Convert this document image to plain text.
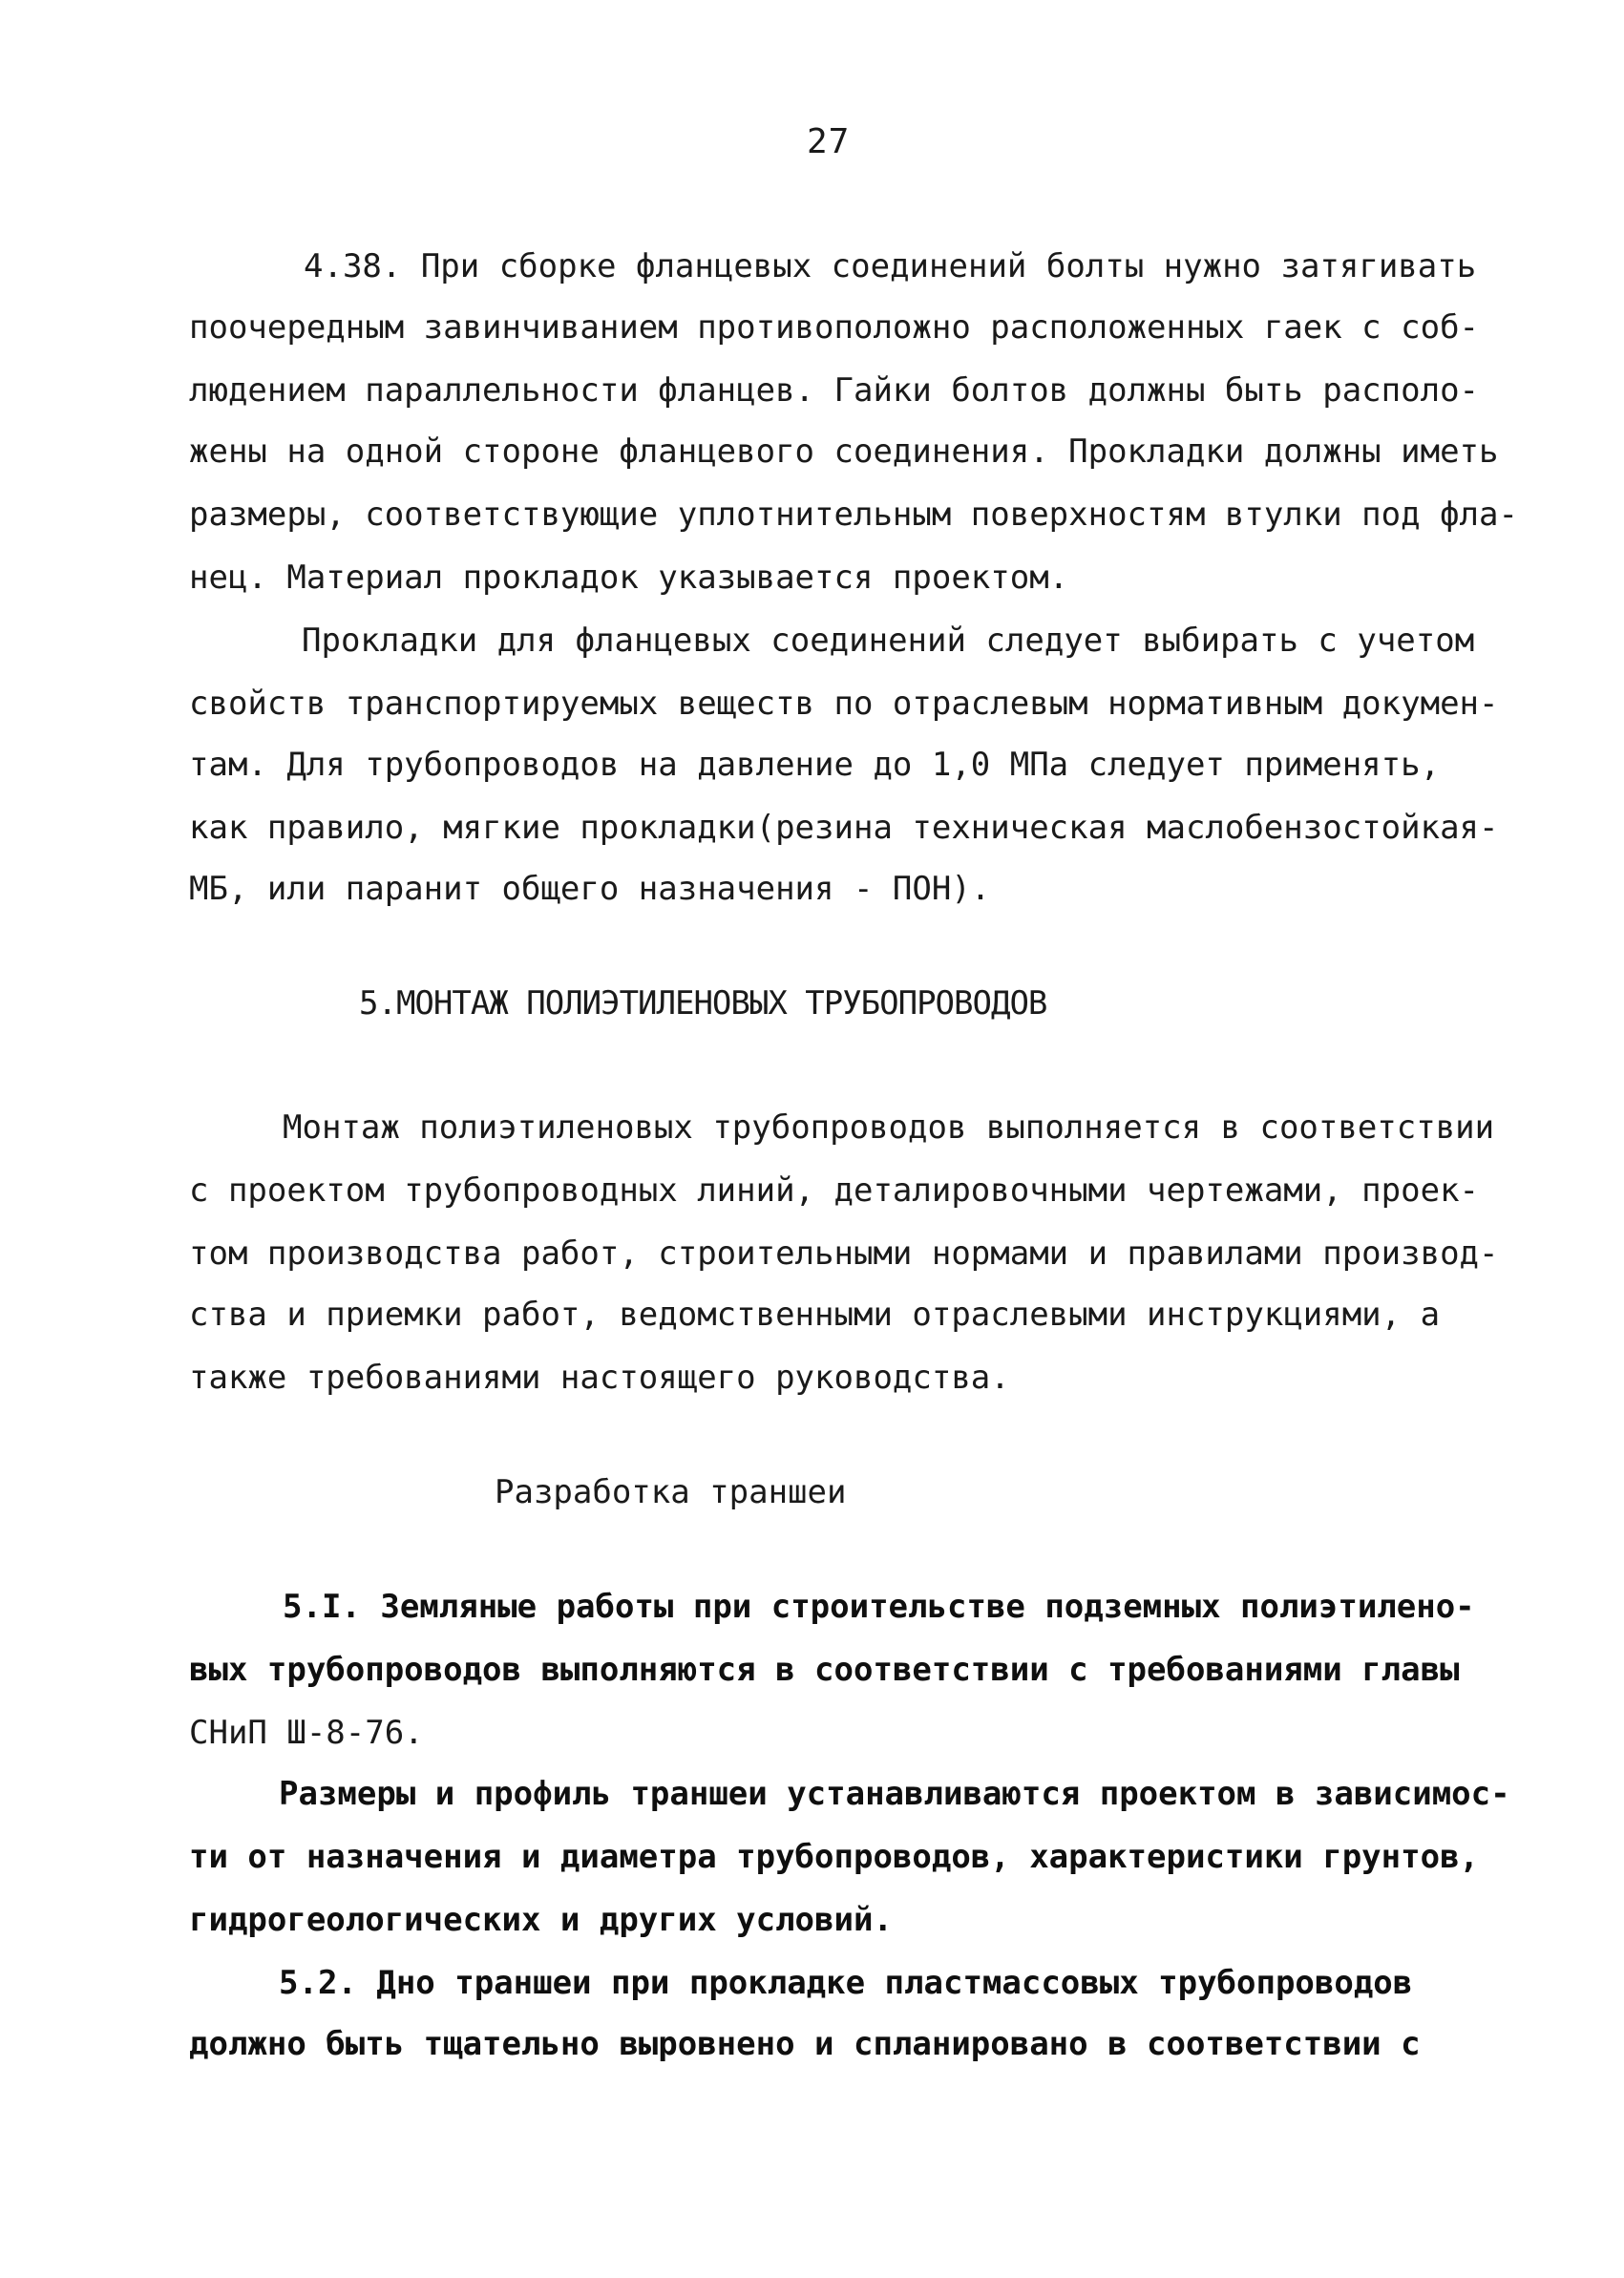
27
4.38. При сборке фланцевых соединений болты нужно затягивать
поочередным завинчиванием противоположно расположенных гаек с соб-
людением параллельности фланцев. Гайки болтов должны быть располо-
жены на одной стороне фланцевого соединения. Прокладки должны иметь
размеры, соответствующие уплотнительным поверхностям втулки под фла-
нец. Материал прокладок указывается проектом.
Прокладки для фланцевых соединений следует выбирать с учетом
свойств транспортируемых веществ по отраслевым нормативным докумен-
там. Для трубопроводов на давление до 1,0 МПа следует применять,
как правило, мягкие прокладки(резина техническая маслобензостойкая-
МБ, или паранит общего назначения - ПОН).
5.МОНТАЖ ПОЛИЭТИЛЕНОВЫХ ТРУБОПРОВОДОВ
Монтаж полиэтиленовых трубопроводов выполняется в соответствии
с проектом трубопроводных линий, деталировочными чертежами, проек-
том производства работ, строительными нормами и правилами производ-
ства и приемки работ, ведомственными отраслевыми инструкциями, а
также требованиями настоящего руководства.
Разработка траншеи
5.I. Земляные работы при строительстве подземных полиэтилено-
вых трубопроводов выполняются в соответствии с требованиями главы
СНиП Ш-8-76.
Размеры и профиль траншеи устанавливаются проектом в зависимос-
ти от назначения и диаметра трубопроводов, характеристики грунтов,
гидрогеологических и других условий.
5.2. Дно траншеи при прокладке пластмассовых трубопроводов
должно быть тщательно выровнено и спланировано в соответствии с
